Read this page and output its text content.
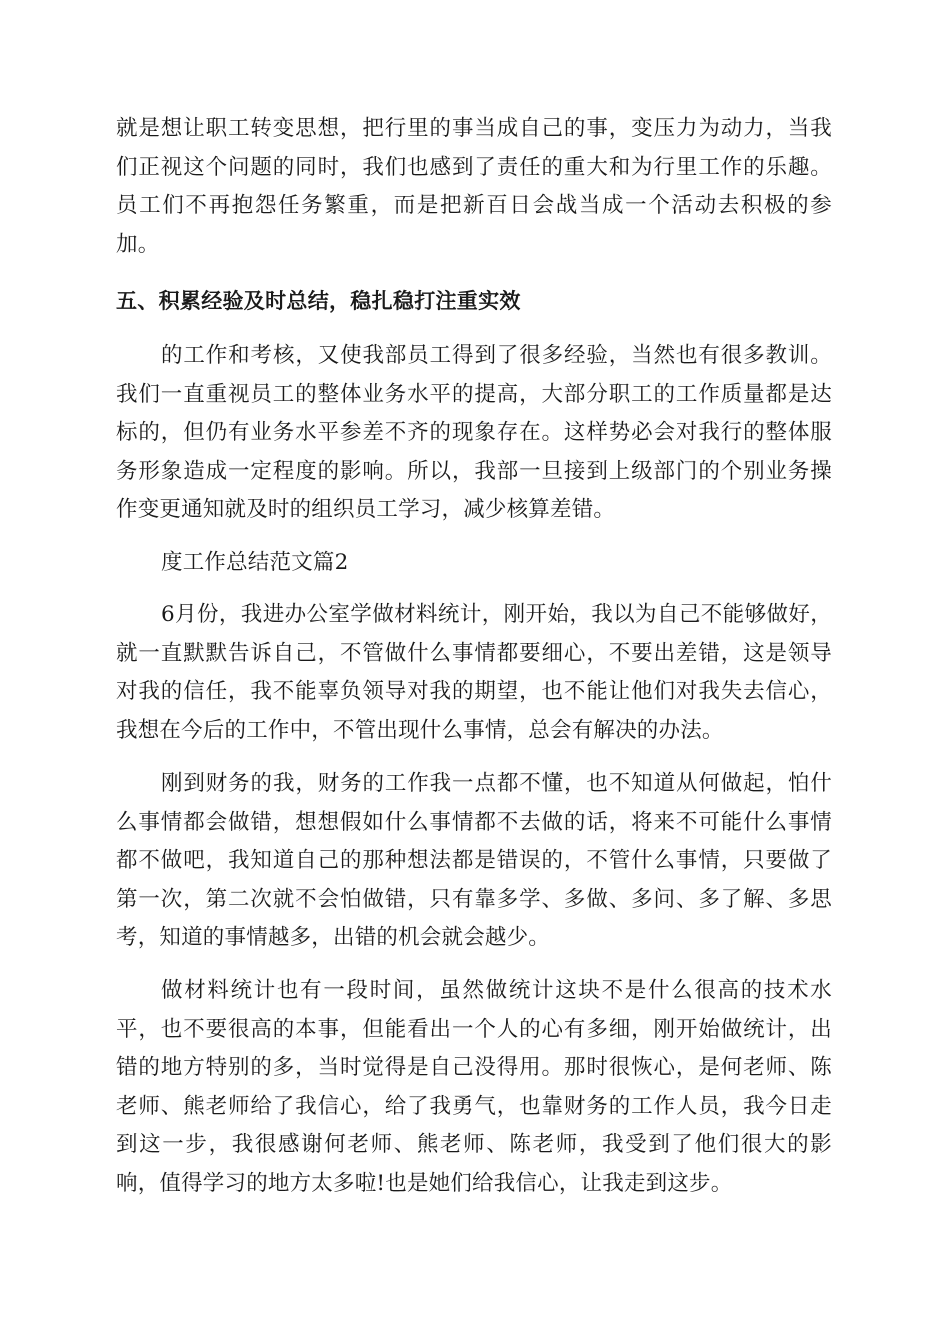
就是想让职工转变思想，把行里的事当成自己的事，变压力为动力，当我们正视这个问题的同时，我们也感到了责任的重大和为行里工作的乐趣。员工们不再抱怨任务繁重，而是把新百日会战当成一个活动去积极的参加。

五、积累经验及时总结，稳扎稳打注重实效

的工作和考核，又使我部员工得到了很多经验，当然也有很多教训。我们一直重视员工的整体业务水平的提高，大部分职工的工作质量都是达标的，但仍有业务水平参差不齐的现象存在。这样势必会对我行的整体服务形象造成一定程度的影响。所以，我部一旦接到上级部门的个别业务操作变更通知就及时的组织员工学习，减少核算差错。

度工作总结范文篇2

6月份，我进办公室学做材料统计，刚开始，我以为自己不能够做好，就一直默默告诉自己，不管做什么事情都要细心，不要出差错，这是领导对我的信任，我不能辜负领导对我的期望，也不能让他们对我失去信心，我想在今后的工作中，不管出现什么事情，总会有解决的办法。

刚到财务的我，财务的工作我一点都不懂，也不知道从何做起，怕什么事情都会做错，想想假如什么事情都不去做的话，将来不可能什么事情都不做吧，我知道自己的那种想法都是错误的，不管什么事情，只要做了第一次，第二次就不会怕做错，只有靠多学、多做、多问、多了解、多思考，知道的事情越多，出错的机会就会越少。

做材料统计也有一段时间，虽然做统计这块不是什么很高的技术水平，也不要很高的本事，但能看出一个人的心有多细，刚开始做统计，出错的地方特别的多，当时觉得是自己没得用。那时很恢心，是何老师、陈老师、熊老师给了我信心，给了我勇气，也靠财务的工作人员，我今日走到这一步，我很感谢何老师、熊老师、陈老师，我受到了他们很大的影响，值得学习的地方太多啦!也是她们给我信心，让我走到这步。
